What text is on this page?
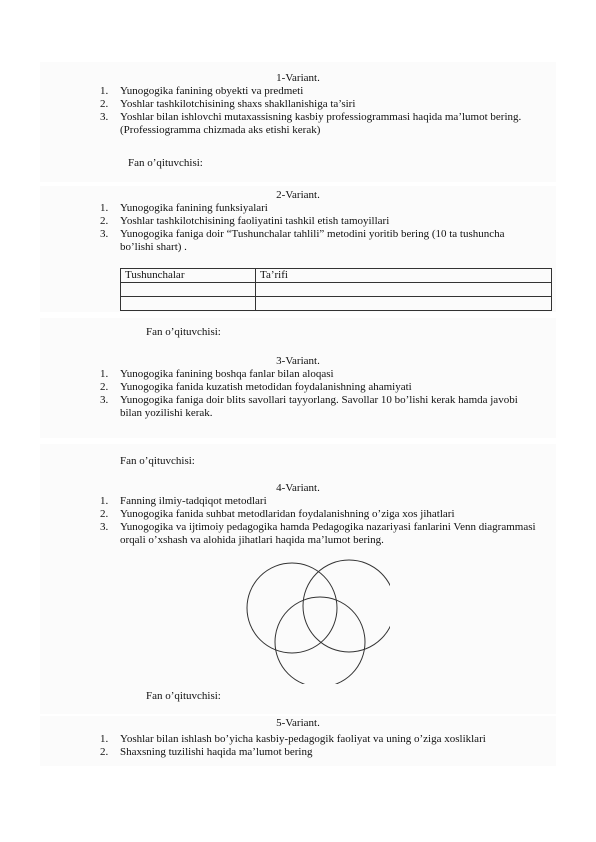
1-Variant.
1. Yunogogika fanining obyekti va predmeti
2. Yoshlar tashkilotchisining shaxs shakllanishiga ta’siri
3. Yoshlar bilan ishlovchi mutaxassisning kasbiy professiogrammasi haqida ma’lumot bering. (Professiogramma chizmada aks etishi kerak)
Fan o’qituvchisi:
2-Variant.
1. Yunogogika fanining funksiyalari
2. Yoshlar tashkilotchisining faoliyatini tashkil etish tamoyillari
3. Yunogogika faniga doir “Tushunchalar tahlili” metodini yoritib bering (10 ta tushuncha bo’lishi shart) .
Tushunchalar	Ta’rifi

Fan o’qituvchisi:
3-Variant.
1. Yunogogika fanining boshqa fanlar bilan aloqasi
2. Yunogogika fanida kuzatish metodidan foydalanishning ahamiyati
3. Yunogogika faniga doir blits savollari tayyorlang. Savollar 10 bo’lishi kerak hamda javobi bilan yozilishi kerak.
Fan o’qituvchisi:
4-Variant.
1. Fanning ilmiy-tadqiqot metodlari
2. Yunogogika fanida suhbat metodlaridan foydalanishning o’ziga xos jihatlari
3. Yunogogika va ijtimoiy pedagogika hamda Pedagogika nazariyasi fanlarini Venn diagrammasi orqali o’xshash va alohida jihatlari haqida ma’lumot bering.
Fan o’qituvchisi:
5-Variant.
1. Yoshlar bilan ishlash bo’yicha kasbiy-pedagogik faoliyat va uning o’ziga xosliklari
2. Shaxsning tuzilishi haqida ma’lumot bering
